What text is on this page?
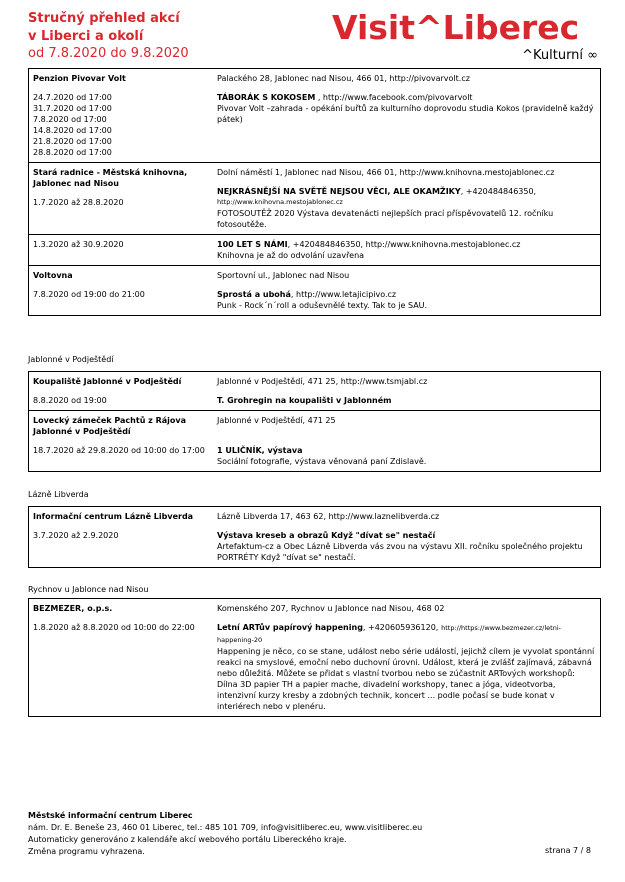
Stručný přehled akcí
v Liberci a okolí
od 7.8.2020 do 9.8.2020
Visit^Liberec
^Kulturní ∞
Penzion Pivovar Volt
24.7.2020 od 17:00
31.7.2020 od 17:00
7.8.2020 od 17:00
14.8.2020 od 17:00
21.8.2020 od 17:00
28.8.2020 od 17:00
Palackého 28, Jablonec nad Nisou, 466 01, http://pivovarvolt.cz
TÁBORÁK S KOKOSEM , http://www.facebook.com/pivovarvolt
Pivovar Volt –zahrada - opékání buřtů za kulturního doprovodu studia Kokos (pravidelně každý pátek)
Stará radnice - Městská knihovna, Jablonec nad Nisou
1.7.2020 až 28.8.2020
Dolní náměstí 1, Jablonec nad Nisou, 466 01, http://www.knihovna.mestojablonec.cz
NEJKRÁSNĚJŠÍ NA SVĚTĚ NEJSOU VĚCI, ALE OKAMŽIKY, +420484846350,
http://www.knihovna.mestojablonec.cz
FOTOSOUTĚŽ 2020 Výstava devatenácti nejlepších prací příspěvovatelů 12. ročníku fotosoutěže.
1.3.2020 až 30.9.2020	100 LET S NÁMI, +420484846350, http://www.knihovna.mestojablonec.cz
Knihovna je až do odvolání uzavřena
Voltovna
7.8.2020 od 19:00 do 21:00
Sportovní ul., Jablonec nad Nisou
Sprostá a ubohá, http://www.letajicipivo.cz
Punk - Rock´n´roll a oduševnělé texty. Tak to je SAU.
Jablonné v Podještědí
Koupaliště Jablonné v Podještědí
8.8.2020 od 19:00
Jablonné v Podještědí, 471 25, http://www.tsmjabl.cz
T. Grohregin na koupališti v Jablonném
Lovecký zámeček Pachtů z Rájova Jablonné v Podještědí
18.7.2020 až 29.8.2020 od 10:00 do 17:00
Jablonné v Podještědí, 471 25
1 ULIČNÍK, výstava
Sociální fotografie, výstava věnovaná paní Zdislavě.
Lázně Libverda
Informační centrum Lázně Libverda
3.7.2020 až 2.9.2020
Lázně Libverda 17, 463 62, http://www.laznelibverda.cz
Výstava kreseb a obrazů Když "dívat se" nestačí
Artefaktum-cz a Obec Lázně Libverda vás zvou na výstavu XII. ročníku společného projektu PORTRÉTY Když "dívat se" nestačí.
Rychnov u Jablonce nad Nisou
BEZMEZER, o.p.s.
1.8.2020 až 8.8.2020 od 10:00 do 22:00
Komenského 207, Rychnov u Jablonce nad Nisou, 468 02
Letní ARTův papírový happening, +420605936120, http://https://www.bezmezer.cz/letni-happening-20
Happening je něco, co se stane, událost nebo série událostí, jejichž cílem je vyvolat spontánní reakci na smyslové, emoční nebo duchovní úrovni. Událost, která je zvlášť zajímavá, zábavná nebo důležitá. Můžete se přidat s vlastní tvorbou nebo se zúčastnit ARTových workshopů: Dílna 3D papier TH a papier mache, divadelní workshopy, tanec a jóga, videotvorba, intenzivní kurzy kresby a zdobných technik, koncert ... podle počasí se bude konat v interiérech nebo v plenéru.
Městské informační centrum Liberec
nám. Dr. E. Beneše 23, 460 01 Liberec, tel.: 485 101 709, info@visitliberec.eu, www.visitliberec.eu
Automaticky generováno z kalendáře akcí webového portálu Libereckého kraje.
Změna programu vyhrazena.	strana 7 / 8
